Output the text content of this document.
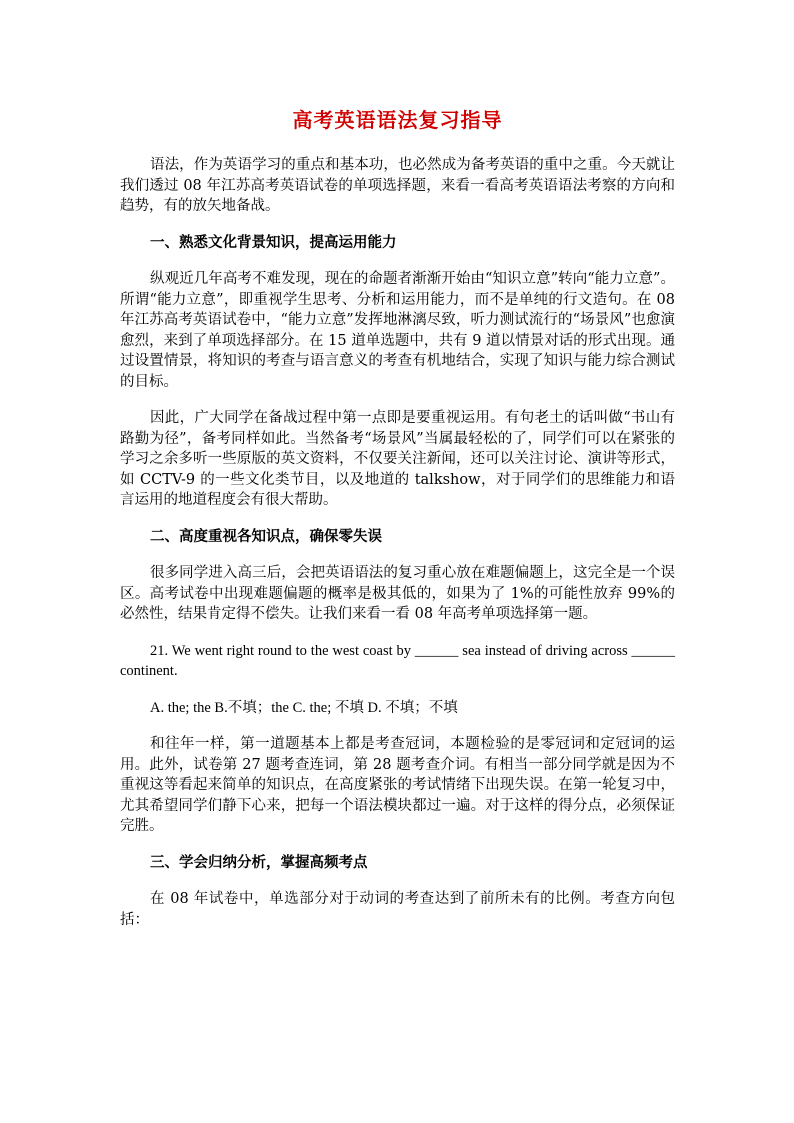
高考英语语法复习指导

语法，作为英语学习的重点和基本功，也必然成为备考英语的重中之重。今天就让我们透过 08 年江苏高考英语试卷的单项选择题，来看一看高考英语语法考察的方向和趋势，有的放矢地备战。

一、熟悉文化背景知识，提高运用能力

纵观近几年高考不难发现，现在的命题者渐渐开始由“知识立意”转向“能力立意”。所谓“能力立意”，即重视学生思考、分析和运用能力，而不是单纯的行文造句。在 08 年江苏高考英语试卷中，“能力立意”发挥地淋漓尽致，听力测试流行的“场景风”也愈演愈烈，来到了单项选择部分。在 15 道单选题中，共有 9 道以情景对话的形式出现。通过设置情景，将知识的考查与语言意义的考查有机地结合，实现了知识与能力综合测试的目标。

因此，广大同学在备战过程中第一点即是要重视运用。有句老土的话叫做“书山有路勤为径”，备考同样如此。当然备考“场景风”当属最轻松的了，同学们可以在紧张的学习之余多听一些原版的英文资料，不仅要关注新闻，还可以关注讨论、演讲等形式，如 CCTV-9 的一些文化类节目，以及地道的 talkshow，对于同学们的思维能力和语言运用的地道程度会有很大帮助。

二、高度重视各知识点，确保零失误

很多同学进入高三后，会把英语语法的复习重心放在难题偏题上，这完全是一个误区。高考试卷中出现难题偏题的概率是极其低的，如果为了 1%的可能性放弃 99%的必然性，结果肯定得不偿失。让我们来看一看 08 年高考单项选择第一题。

21. We went right round to the west coast by ______ sea instead of driving across ______ continent.

A. the; the B.不填；the C. the; 不填 D. 不填；不填

和往年一样，第一道题基本上都是考查冠词，本题检验的是零冠词和定冠词的运用。此外，试卷第 27 题考查连词，第 28 题考查介词。有相当一部分同学就是因为不重视这等看起来简单的知识点，在高度紧张的考试情绪下出现失误。在第一轮复习中，尤其希望同学们静下心来，把每一个语法模块都过一遍。对于这样的得分点，必须保证完胜。

三、学会归纳分析，掌握高频考点

在 08 年试卷中，单选部分对于动词的考查达到了前所未有的比例。考查方向包括：
